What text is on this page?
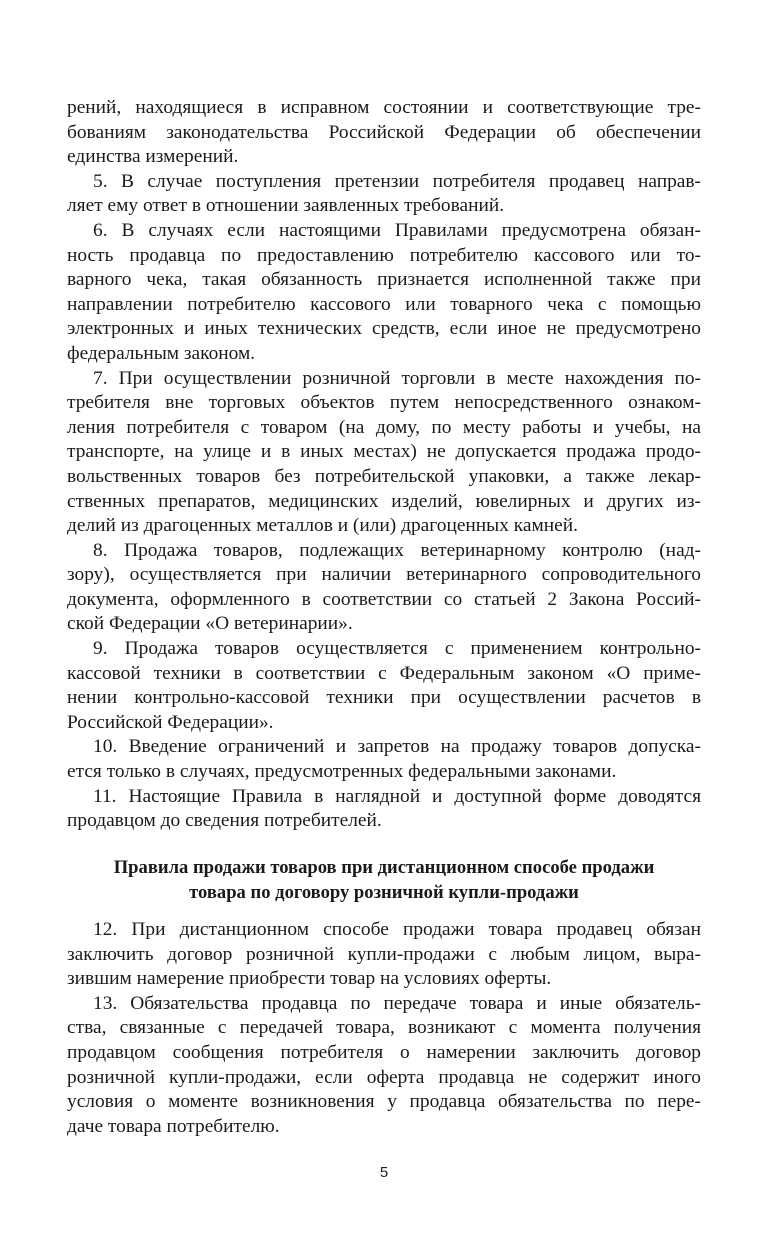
рений, находящиеся в исправном состоянии и соответствующие тре-
бованиям законодательства Российской Федерации об обеспечении
единства измерений.
5. В случае поступления претензии потребителя продавец направ-
ляет ему ответ в отношении заявленных требований.
6. В случаях если настоящими Правилами предусмотрена обязан-
ность продавца по предоставлению потребителю кассового или то-
варного чека, такая обязанность признается исполненной также при
направлении потребителю кассового или товарного чека с помощью
электронных и иных технических средств, если иное не предусмотрено
федеральным законом.
7. При осуществлении розничной торговли в месте нахождения по-
требителя вне торговых объектов путем непосредственного ознаком-
ления потребителя с товаром (на дому, по месту работы и учебы, на
транспорте, на улице и в иных местах) не допускается продажа продо-
вольственных товаров без потребительской упаковки, а также лекар-
ственных препаратов, медицинских изделий, ювелирных и других из-
делий из драгоценных металлов и (или) драгоценных камней.
8. Продажа товаров, подлежащих ветеринарному контролю (над-
зору), осуществляется при наличии ветеринарного сопроводительного
документа, оформленного в соответствии со статьей 2 Закона Россий-
ской Федерации «О ветеринарии».
9. Продажа товаров осуществляется с применением контрольно-
кассовой техники в соответствии с Федеральным законом «О приме-
нении контрольно-кассовой техники при осуществлении расчетов в
Российской Федерации».
10. Введение ограничений и запретов на продажу товаров допуска-
ется только в случаях, предусмотренных федеральными законами.
11. Настоящие Правила в наглядной и доступной форме доводятся
продавцом до сведения потребителей.
Правила продажи товаров при дистанционном способе продажи
товара по договору розничной купли-продажи
12. При дистанционном способе продажи товара продавец обязан
заключить договор розничной купли-продажи с любым лицом, выра-
зившим намерение приобрести товар на условиях оферты.
13. Обязательства продавца по передаче товара и иные обязатель-
ства, связанные с передачей товара, возникают с момента получения
продавцом сообщения потребителя о намерении заключить договор
розничной купли-продажи, если оферта продавца не содержит иного
условия о моменте возникновения у продавца обязательства по пере-
даче товара потребителю.
5
